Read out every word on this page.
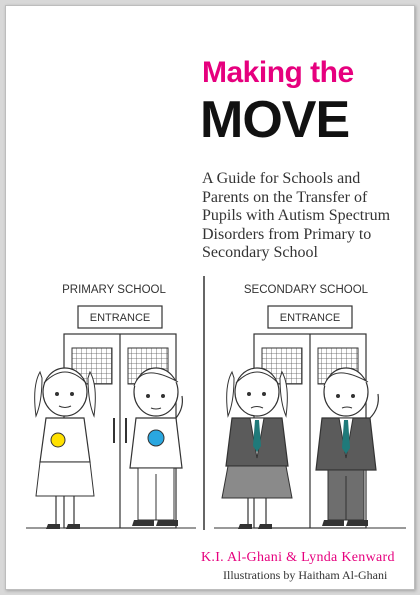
Making the
MOVE

A Guide for Schools and
Parents on the Transfer of
Pupils with Autism Spectrum
Disorders from Primary to
Secondary School

PRIMARY SCHOOL	SECONDARY SCHOOL
ENTRANCE	ENTRANCE
K.I. Al-Ghani & Lynda Kenward
Illustrations by Haitham Al-Ghani
